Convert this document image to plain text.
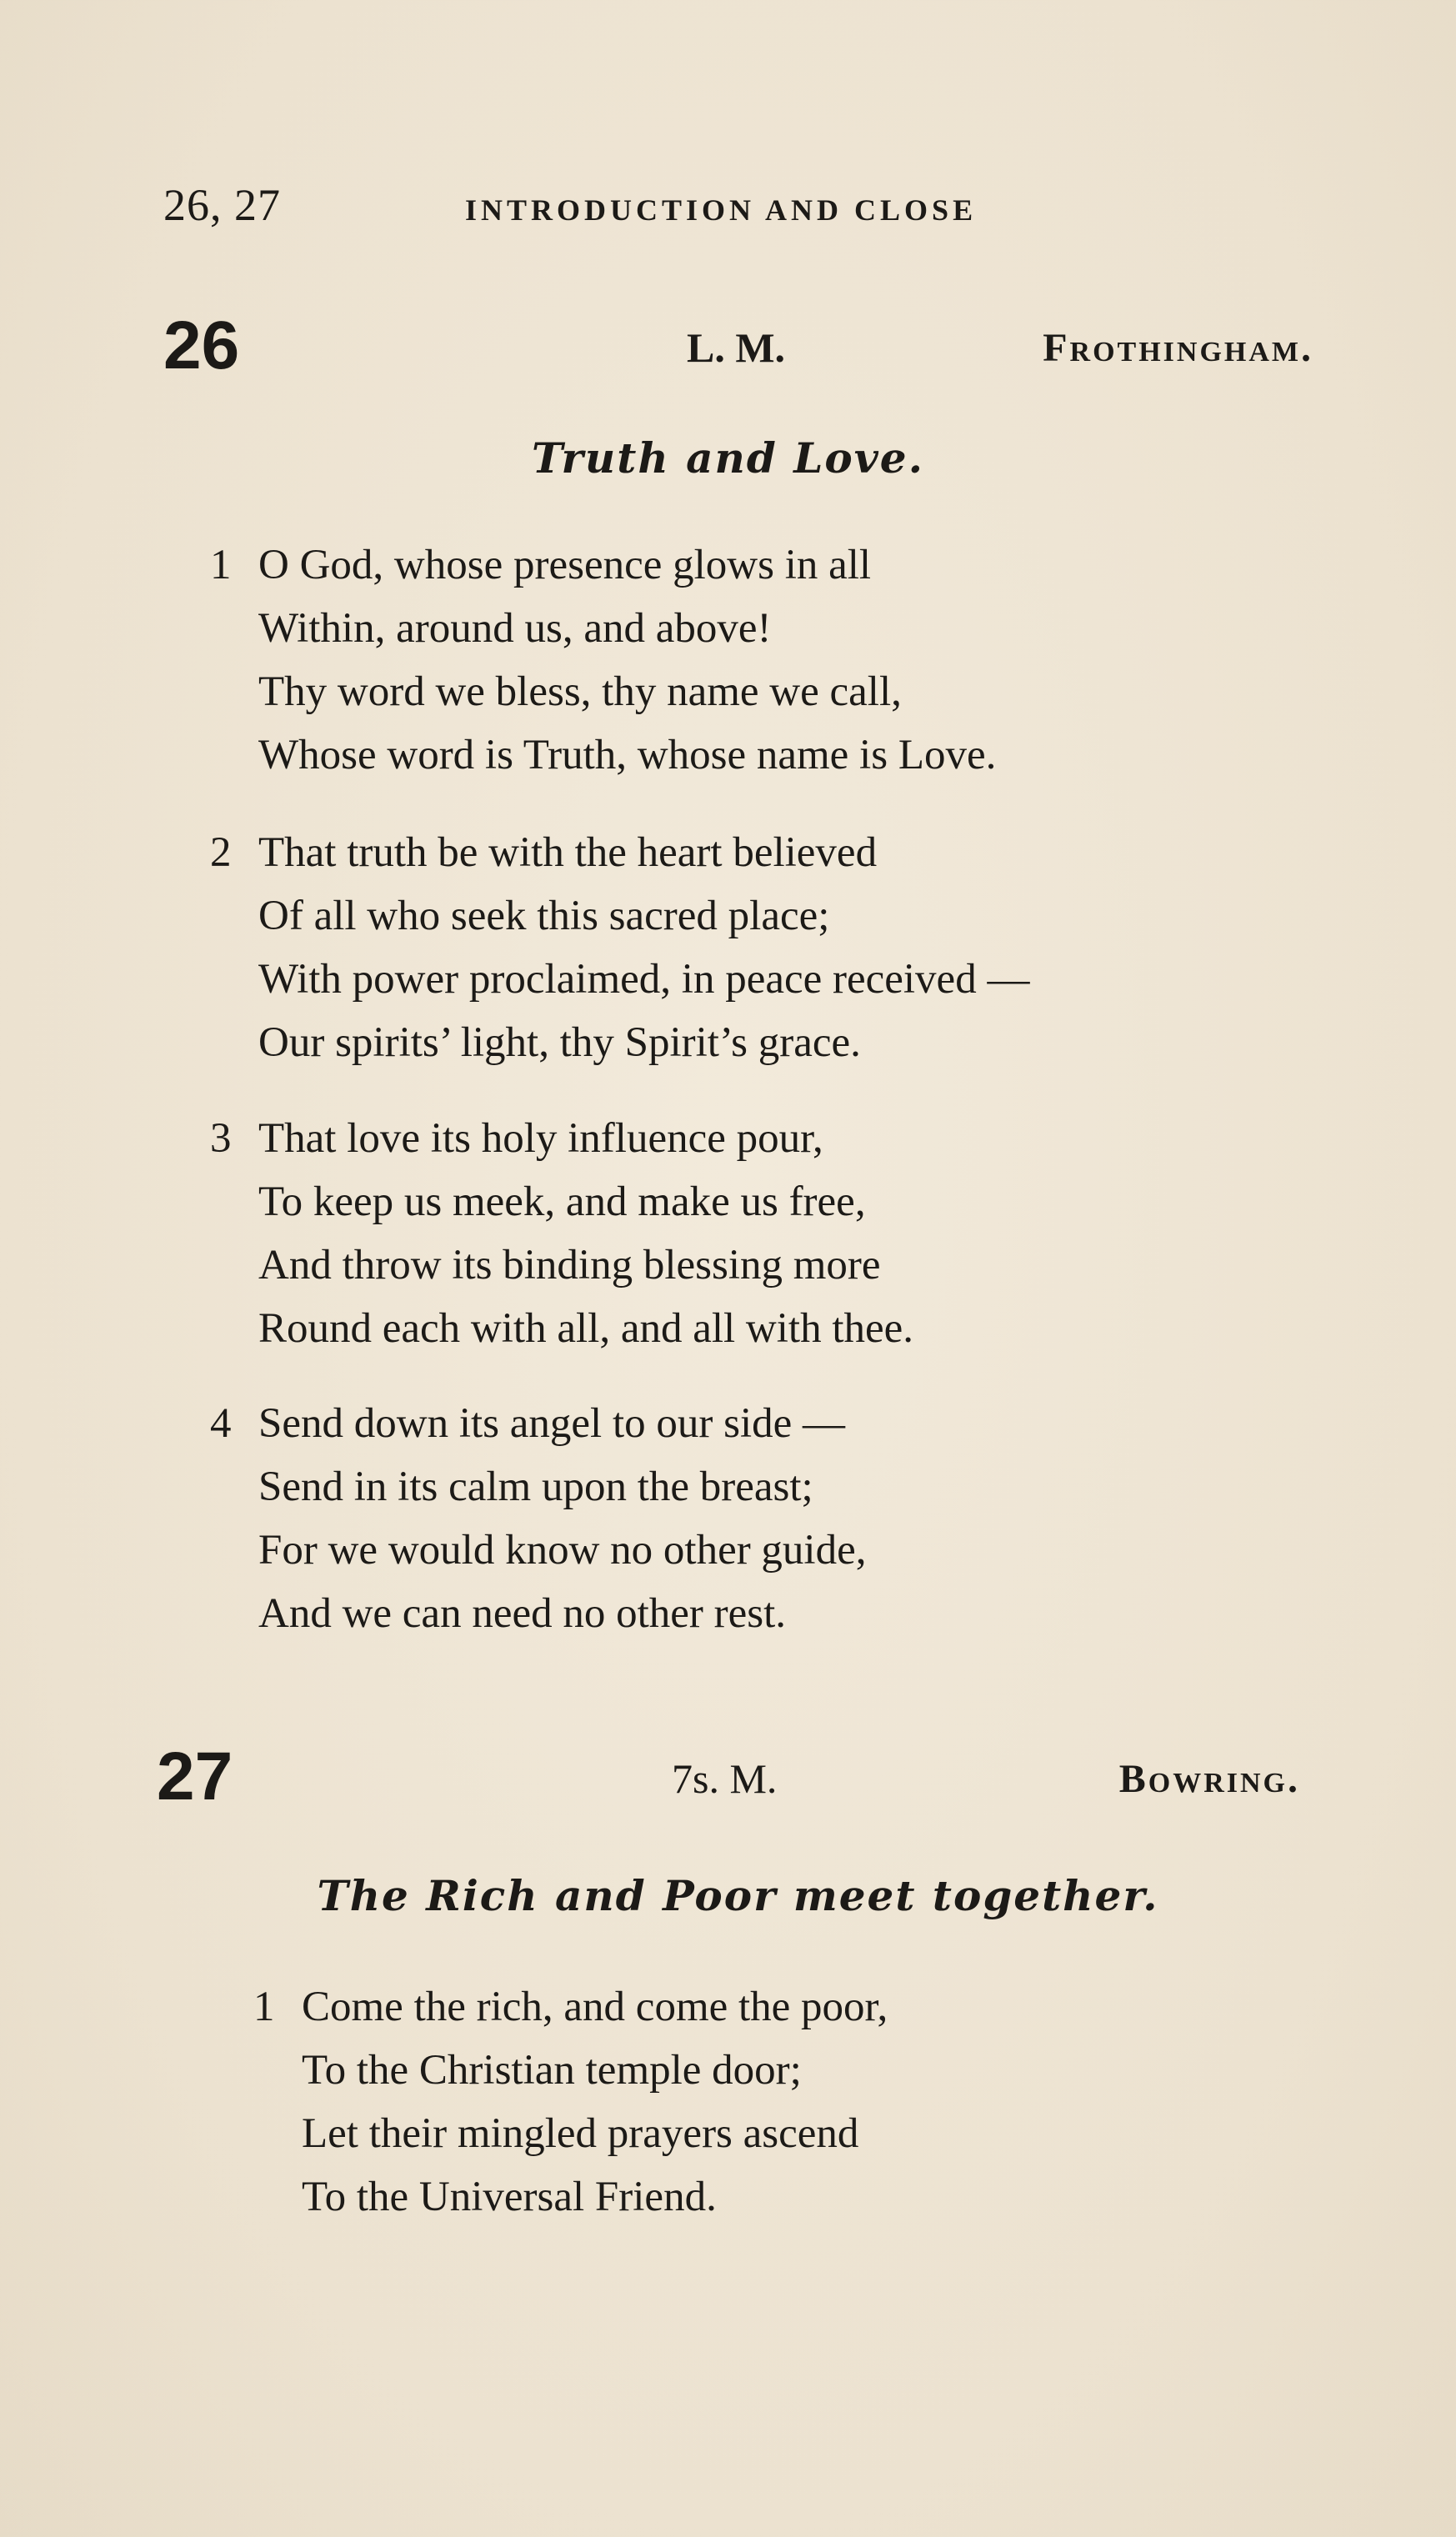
26, 27	INTRODUCTION AND CLOSE
26	L. M.	Frothingham.
Truth and Love.
1 O God, whose presence glows in all
Within, around us, and above!
Thy word we bless, thy name we call,
Whose word is Truth, whose name is Love.
2 That truth be with the heart believed
Of all who seek this sacred place;
With power proclaimed, in peace received —
Our spirits’ light, thy Spirit’s grace.
3 That love its holy influence pour,
To keep us meek, and make us free,
And throw its binding blessing more
Round each with all, and all with thee.
4 Send down its angel to our side —
Send in its calm upon the breast;
For we would know no other guide,
And we can need no other rest.
27	7s. M.	Bowring.
The Rich and Poor meet together.
1 Come the rich, and come the poor,
To the Christian temple door;
Let their mingled prayers ascend
To the Universal Friend.
